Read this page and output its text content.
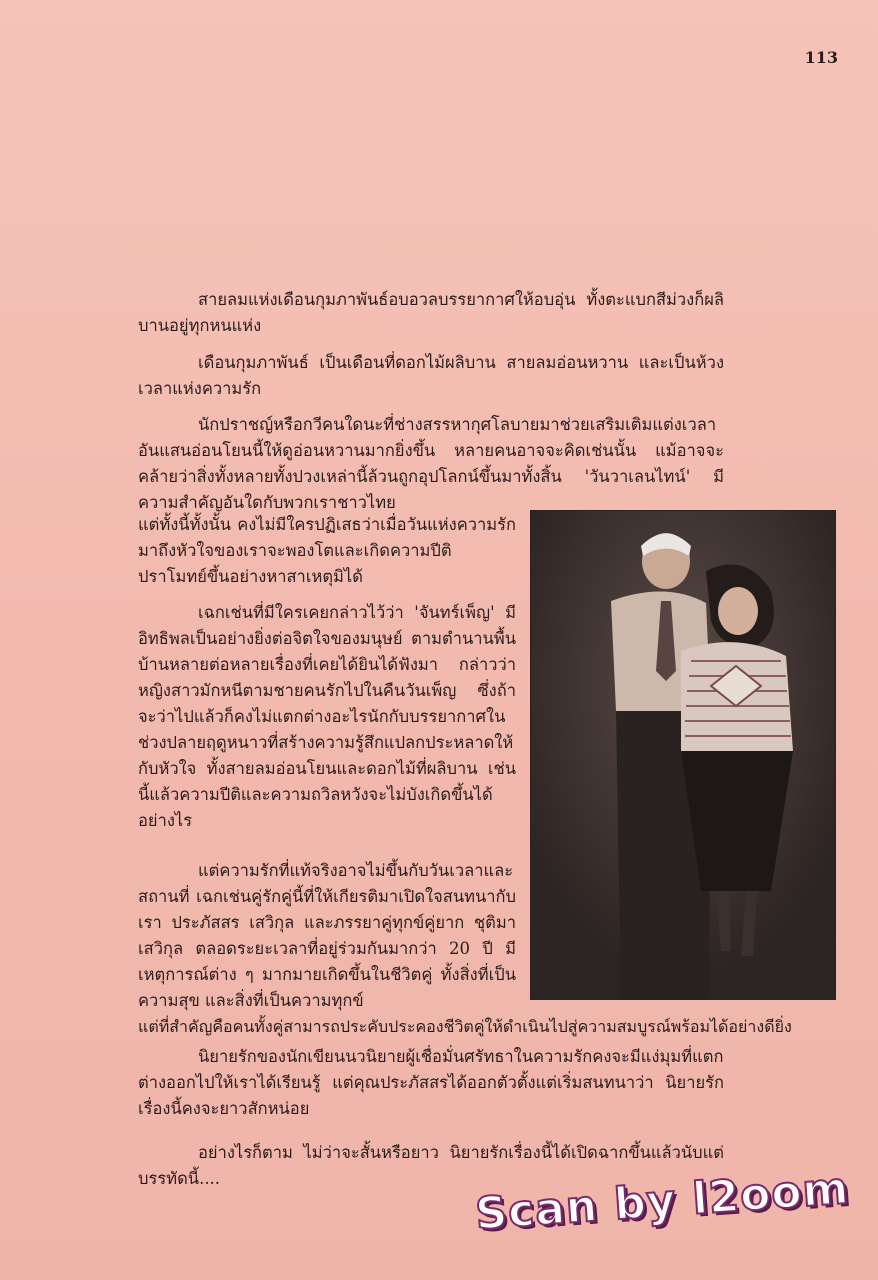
113

สายลมแห่งเดือนกุมภาพันธ์อบอวลบรรยากาศให้อบอุ่น ทั้งตะแบกสีม่วงก็ผลิบานอยู่ทุกหนแห่ง

เดือนกุมภาพันธ์ เป็นเดือนที่ดอกไม้ผลิบาน สายลมอ่อนหวาน และเป็นห้วงเวลาแห่งความรัก

นักปราชญ์หรือกวีคนใดนะที่ช่างสรรหากุศโลบายมาช่วยเสริมเติมแต่งเวลาอันแสนอ่อนโยนนี้ให้ดูอ่อนหวานมากยิ่งขึ้น หลายคนอาจจะคิดเช่นนั้น แม้อาจจะคล้ายว่าสิ่งทั้งหลายทั้งปวงเหล่านี้ล้วนถูกอุปโลกน์ขึ้นมาทั้งสิ้น 'วันวาเลนไทน์' มีความสำคัญอันใดกับพวกเราชาวไทย

แต่ทั้งนี้ทั้งนั้น คงไม่มีใครปฏิเสธว่าเมื่อวันแห่งความรักมาถึงหัวใจของเราจะพองโตและเกิดความปีติปราโมทย์ขึ้นอย่างหาสาเหตุมิได้

เฉกเช่นที่มีใครเคยกล่าวไว้ว่า 'จันทร์เพ็ญ' มีอิทธิพลเป็นอย่างยิ่งต่อจิตใจของมนุษย์ ตามตำนานพื้นบ้านหลายต่อหลายเรื่องที่เคยได้ยินได้ฟังมา กล่าวว่าหญิงสาวมักหนีตามชายคนรักไปในคืนวันเพ็ญ ซึ่งถ้าจะว่าไปแล้วก็คงไม่แตกต่างอะไรนักกับบรรยากาศในช่วงปลายฤดูหนาวที่สร้างความรู้สึกแปลกประหลาดให้กับหัวใจ ทั้งสายลมอ่อนโยนและดอกไม้ที่ผลิบาน เช่นนี้แล้วความปีติและความถวิลหวังจะไม่บังเกิดขึ้นได้อย่างไร

แต่ความรักที่แท้จริงอาจไม่ขึ้นกับวันเวลาและสถานที่ เฉกเช่นคู่รักคู่นี้ที่ให้เกียรติมาเปิดใจสนทนากับเรา ประภัสสร เสวิกุล และภรรยาคู่ทุกข์คู่ยาก ชุติมา เสวิกุล ตลอดระยะเวลาที่อยู่ร่วมกันมากว่า 20 ปี มีเหตุการณ์ต่าง ๆ มากมายเกิดขึ้นในชีวิตคู่ ทั้งสิ่งที่เป็นความสุข และสิ่งที่เป็นความทุกข์

แต่ที่สำคัญคือคนทั้งคู่สามารถประคับประคองชีวิตคู่ให้ดำเนินไปสู่ความสมบูรณ์พร้อมได้อย่างดียิ่ง

นิยายรักของนักเขียนนวนิยายผู้เชื่อมั่นศรัทธาในความรักคงจะมีแง่มุมที่แตกต่างออกไปให้เราได้เรียนรู้ แต่คุณประภัสสรได้ออกตัวตั้งแต่เริ่มสนทนาว่า นิยายรักเรื่องนี้คงจะยาวสักหน่อย

อย่างไรก็ตาม ไม่ว่าจะสั้นหรือยาว นิยายรักเรื่องนี้ได้เปิดฉากขึ้นแล้วนับแต่บรรทัดนี้....	Scan by l2oom
